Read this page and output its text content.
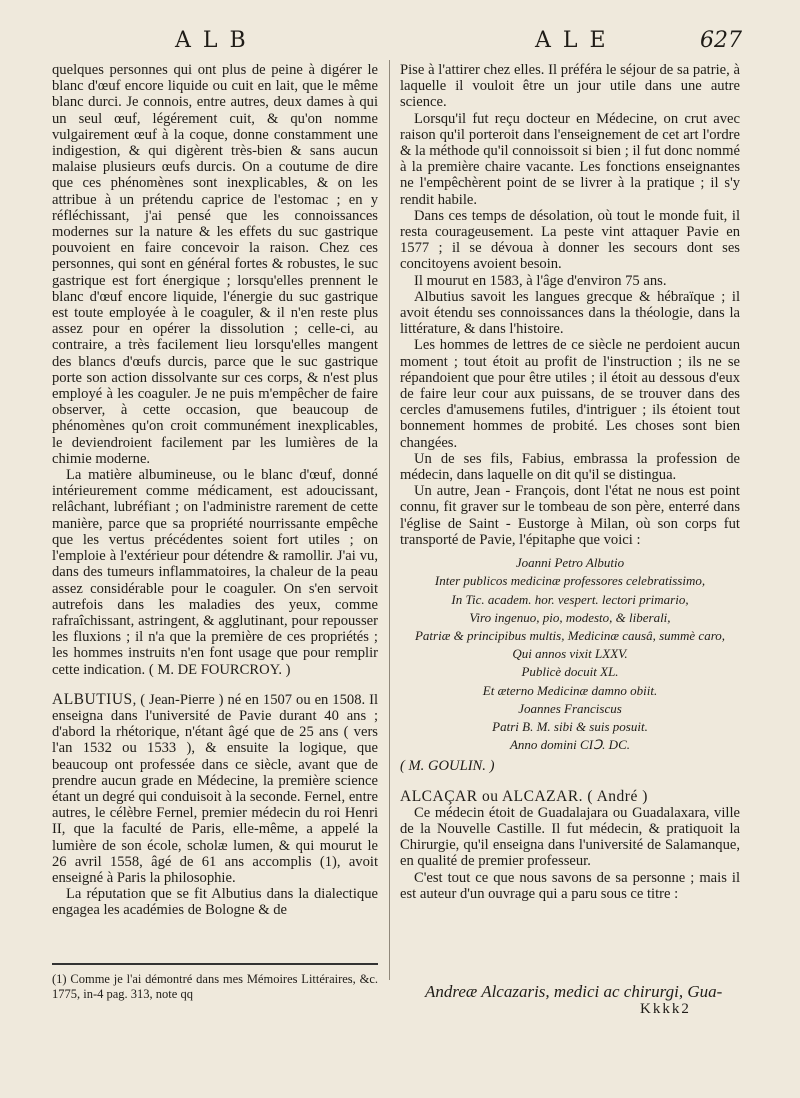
ALB	ALE	627

quelques personnes qui ont plus de peine à digérer le blanc d'œuf encore liquide ou cuit en lait, que le même blanc durci. Je connois, entre autres, deux dames à qui un seul œuf, légérement cuit, & qu'on nomme vulgairement œuf à la coque, donne constamment une indigestion, & qui digèrent très-bien & sans aucun malaise plusieurs œufs durcis. On a coutume de dire que ces phénomènes sont inexplicables, & on les attribue à un prétendu caprice de l'estomac ; en y réfléchissant, j'ai pensé que les connoissances modernes sur la nature & les effets du suc gastrique pouvoient en faire concevoir la raison. Chez ces personnes, qui sont en général fortes & robustes, le suc gastrique est fort énergique ; lorsqu'elles prennent le blanc d'œuf encore liquide, l'énergie du suc gastrique est toute employée à le coaguler, & il n'en reste plus assez pour en opérer la dissolution ; celle-ci, au contraire, a très facilement lieu lorsqu'elles mangent des blancs d'œufs durcis, parce que le suc gastrique porte son action dissolvante sur ces corps, & n'est plus employé à les coaguler. Je ne puis m'empêcher de faire observer, à cette occasion, que beaucoup de phénomènes qu'on croit communément inexplicables, le deviendroient facilement par les lumières de la chimie moderne.

La matière albumineuse, ou le blanc d'œuf, donné intérieurement comme médicament, est adoucissant, relâchant, lubréfiant ; on l'administre rarement de cette manière, parce que sa propriété nourrissante empêche que les vertus précédentes soient fort utiles ; on l'emploie à l'extérieur pour détendre & ramollir. J'ai vu, dans des tumeurs inflammatoires, la chaleur de la peau assez considérable pour le coaguler. On s'en servoit autrefois dans les maladies des yeux, comme rafraîchissant, astringent, & agglutinant, pour repousser les fluxions ; il n'a que la première de ces propriétés ; les hommes instruits n'en font usage que pour remplir cette indication. ( M. DE FOURCROY. )

ALBUTIUS, ( Jean-Pierre ) né en 1507 ou en 1508. Il enseigna dans l'université de Pavie durant 40 ans ; d'abord la rhétorique, n'étant âgé que de 25 ans ( vers l'an 1532 ou 1533 ), & ensuite la logique, que beaucoup ont professée dans ce siècle, avant que de prendre aucun grade en Médecine, la première science étant un degré qui conduisoit à la seconde. Fernel, entre autres, le célèbre Fernel, premier médecin du roi Henri II, que la faculté de Paris, elle-même, a appelé la lumière de son école, scholæ lumen, & qui mourut le 26 avril 1558, âgé de 61 ans accomplis (1), avoit enseigné à Paris la philosophie.

La réputation que se fit Albutius dans la dialectique engagea les académies de Bologne & de

(1) Comme je l'ai démontré dans mes Mémoires Littéraires, &c. 1775, in-4 pag. 313, note qq

Pise à l'attirer chez elles. Il préféra le séjour de sa patrie, à laquelle il vouloit être un jour utile dans une autre science.

Lorsqu'il fut reçu docteur en Médecine, on crut avec raison qu'il porteroit dans l'enseignement de cet art l'ordre & la méthode qu'il connoissoit si bien ; il fut donc nommé à la première chaire vacante. Les fonctions enseignantes ne l'empêchèrent point de se livrer à la pratique ; il s'y rendit habile.

Dans ces temps de désolation, où tout le monde fuit, il resta courageusement. La peste vint attaquer Pavie en 1577 ; il se dévoua à donner les secours dont ses concitoyens avoient besoin.

Il mourut en 1583, à l'âge d'environ 75 ans.

Albutius savoit les langues grecque & hébraïque ; il avoit étendu ses connoissances dans la théologie, dans la littérature, & dans l'histoire.

Les hommes de lettres de ce siècle ne perdoient aucun moment ; tout étoit au profit de l'instruction ; ils ne se répandoient que pour être utiles ; il étoit au dessous d'eux de faire leur cour aux puissans, de se trouver dans des cercles d'amusemens futiles, d'intriguer ; ils étoient tout bonnement hommes de probité. Les choses sont bien changées.

Un de ses fils, Fabius, embrassa la profession de médecin, dans laquelle on dit qu'il se distingua.

Un autre, Jean - François, dont l'état ne nous est point connu, fit graver sur le tombeau de son père, enterré dans l'église de Saint - Eustorge à Milan, où son corps fut transporté de Pavie, l'épitaphe que voici :

Joanni Petro Albutio
Inter publicos medicinæ professores celebratissimo,
In Tic. academ. hor. vespert. lectori primario,
Viro ingenuo, pio, modesto, & liberali,
Patriæ & principibus multis, Medicinæ causâ, summè caro,
Qui annos vixit LXXV.
Publicè docuit XL.
Et æterno Medicinæ damno obiit.
Joannes Franciscus
Patri B. M. sibi & suis posuit.
Anno domini CIↃ. DC.

( M. GOULIN. )

ALCAÇAR ou ALCAZAR. ( André )

Ce médecin étoit de Guadalajara ou Guadalaxara, ville de la Nouvelle Castille. Il fut médecin, & pratiquoit la Chirurgie, qu'il enseigna dans l'université de Salamanque, en qualité de premier professeur.

C'est tout ce que nous savons de sa personne ; mais il est auteur d'un ouvrage qui a paru sous ce titre :

Andreæ Alcazaris, medici ac chirurgi, Gua-
Kkkk2
